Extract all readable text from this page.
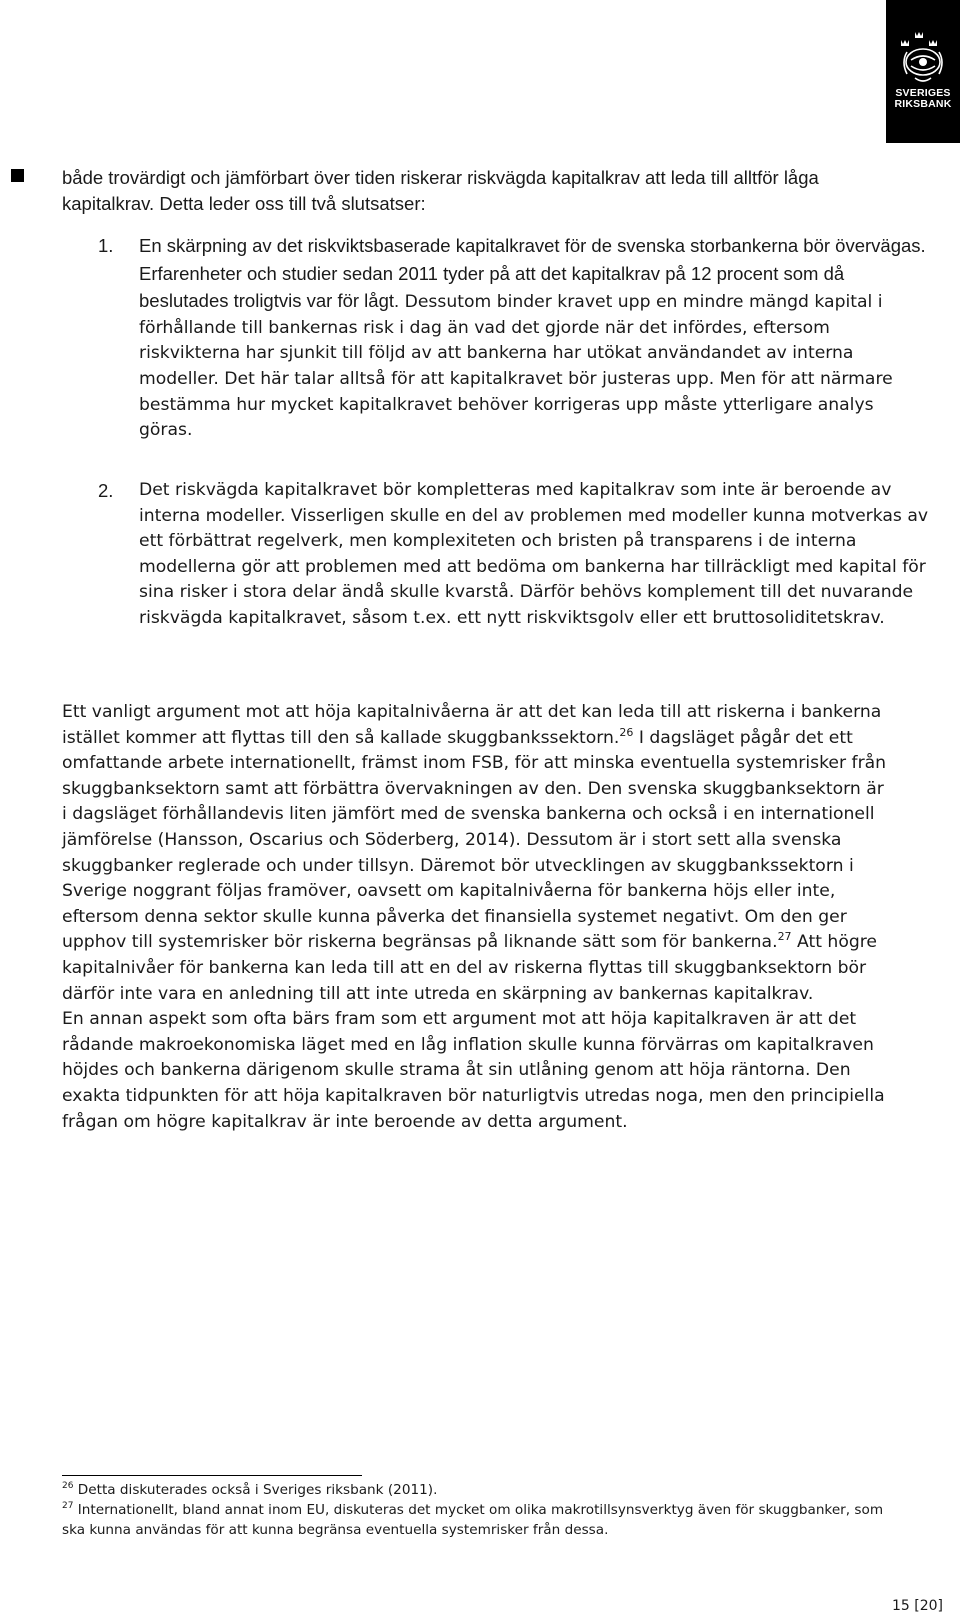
SVERIGES
RIKSBANK
både trovärdigt och jämförbart över tiden riskerar riskvägda kapitalkrav att leda till alltför låga kapitalkrav. Detta leder oss till två slutsatser:
1. En skärpning av det riskviktsbaserade kapitalkravet för de svenska storbankerna bör övervägas. Erfarenheter och studier sedan 2011 tyder på att det kapitalkrav på 12 procent som då beslutades troligtvis var för lågt. Dessutom binder kravet upp en mindre mängd kapital i förhållande till bankernas risk i dag än vad det gjorde när det infördes, eftersom riskvikterna har sjunkit till följd av att bankerna har utökat användandet av interna modeller. Det här talar alltså för att kapitalkravet bör justeras upp. Men för att närmare bestämma hur mycket kapitalkravet behöver korrigeras upp måste ytterligare analys göras.
2. Det riskvägda kapitalkravet bör kompletteras med kapitalkrav som inte är beroende av interna modeller. Visserligen skulle en del av problemen med modeller kunna motverkas av ett förbättrat regelverk, men komplexiteten och bristen på transparens i de interna modellerna gör att problemen med att bedöma om bankerna har tillräckligt med kapital för sina risker i stora delar ändå skulle kvarstå. Därför behövs komplement till det nuvarande riskvägda kapitalkravet, såsom t.ex. ett nytt riskviktsgolv eller ett bruttosoliditetskrav.

Ett vanligt argument mot att höja kapitalnivåerna är att det kan leda till att riskerna i bankerna istället kommer att flyttas till den så kallade skuggbankssektorn.$^{26}$ I dagsläget pågår det ett omfattande arbete internationellt, främst inom FSB, för att minska eventuella systemrisker från skuggbanksektorn samt att förbättra övervakningen av den. Den svenska skuggbanksektorn är i dagsläget förhållandevis liten jämfört med de svenska bankerna och också i en internationell jämförelse (Hansson, Oscarius och Söderberg, 2014). Dessutom är i stort sett alla svenska skuggbanker reglerade och under tillsyn. Däremot bör utvecklingen av skuggbankssektorn i Sverige noggrant följas framöver, oavsett om kapitalnivåerna för bankerna höjs eller inte, eftersom denna sektor skulle kunna påverka det finansiella systemet negativt. Om den ger upphov till systemrisker bör riskerna begränsas på liknande sätt som för bankerna.$^{27}$ Att högre kapitalnivåer för bankerna kan leda till att en del av riskerna flyttas till skuggbanksektorn bör därför inte vara en anledning till att inte utreda en skärpning av bankernas kapitalkrav.

En annan aspekt som ofta bärs fram som ett argument mot att höja kapitalkraven är att det rådande makroekonomiska läget med en låg inflation skulle kunna förvärras om kapitalkraven höjdes och bankerna därigenom skulle strama åt sin utlåning genom att höja räntorna. Den exakta tidpunkten för att höja kapitalkraven bör naturligtvis utredas noga, men den principiella frågan om högre kapitalkrav är inte beroende av detta argument.

$^{26}$ Detta diskuterades också i Sveriges riksbank (2011).

$^{27}$ Internationellt, bland annat inom EU, diskuteras det mycket om olika makrotillsynsverktyg även för skuggbanker, som ska kunna användas för att kunna begränsa eventuella systemrisker från dessa.

15 [20]
